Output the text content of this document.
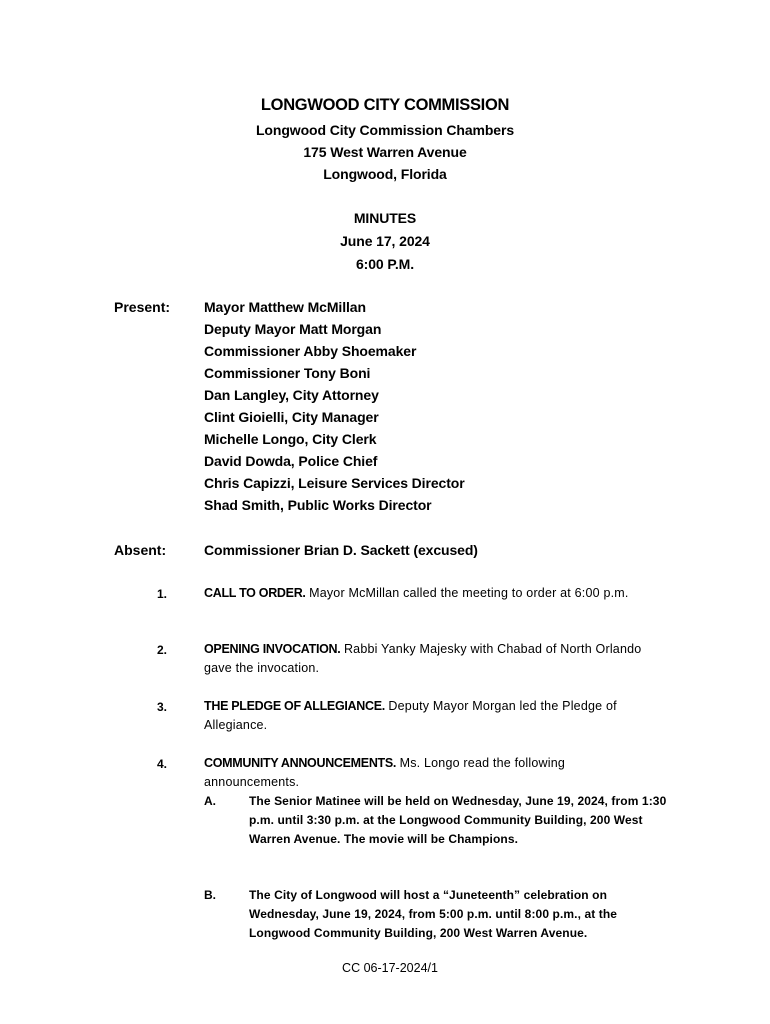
LONGWOOD CITY COMMISSION
Longwood City Commission Chambers
175 West Warren Avenue
Longwood, Florida
MINUTES
June 17, 2024
6:00 P.M.
Present: Mayor Matthew McMillan
Deputy Mayor Matt Morgan
Commissioner Abby Shoemaker
Commissioner Tony Boni
Dan Langley, City Attorney
Clint Gioielli, City Manager
Michelle Longo, City Clerk
David Dowda, Police Chief
Chris Capizzi, Leisure Services Director
Shad Smith, Public Works Director
Absent:	Commissioner Brian D. Sackett (excused)
1.	CALL TO ORDER. Mayor McMillan called the meeting to order at 6:00 p.m.
2.	OPENING INVOCATION. Rabbi Yanky Majesky with Chabad of North Orlando gave the invocation.
3.	THE PLEDGE OF ALLEGIANCE. Deputy Mayor Morgan led the Pledge of Allegiance.
4.	COMMUNITY ANNOUNCEMENTS. Ms. Longo read the following announcements.
A.	The Senior Matinee will be held on Wednesday, June 19, 2024, from 1:30 p.m. until 3:30 p.m. at the Longwood Community Building, 200 West Warren Avenue. The movie will be Champions.
B.	The City of Longwood will host a “Juneteenth” celebration on Wednesday, June 19, 2024, from 5:00 p.m. until 8:00 p.m., at the Longwood Community Building, 200 West Warren Avenue.
CC 06-17-2024/1
